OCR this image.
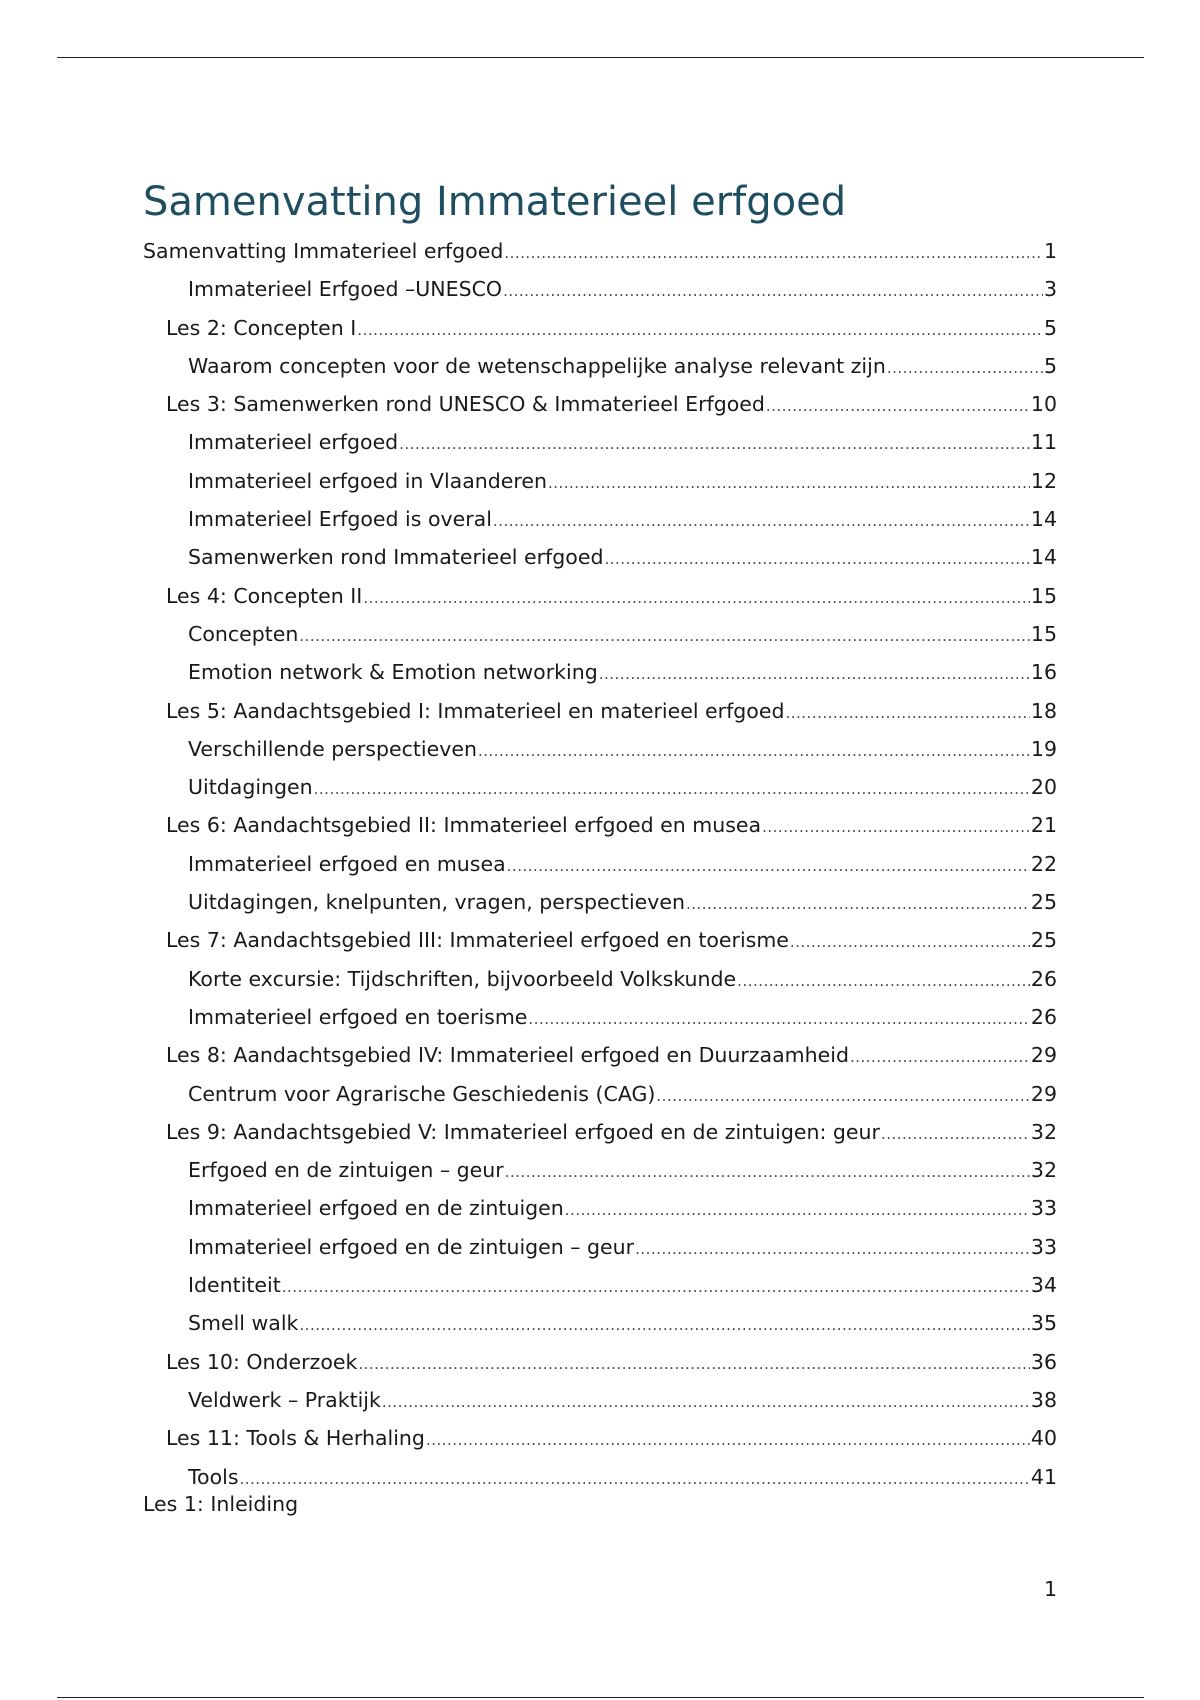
Samenvatting Immaterieel erfgoed
Samenvatting Immaterieel erfgoed .....	1
Immaterieel Erfgoed –UNESCO .....	3
Les 2: Concepten I .....	5
Waarom concepten voor de wetenschappelijke analyse relevant zijn .....	5
Les 3: Samenwerken rond UNESCO & Immaterieel Erfgoed .....	10
Immaterieel erfgoed .....	11
Immaterieel erfgoed in Vlaanderen .....	12
Immaterieel Erfgoed is overal .....	14
Samenwerken rond Immaterieel erfgoed .....	14
Les 4: Concepten II .....	15
Concepten .....	15
Emotion network & Emotion networking .....	16
Les 5: Aandachtsgebied I: Immaterieel en materieel erfgoed .....	18
Verschillende perspectieven .....	19
Uitdagingen .....	20
Les 6: Aandachtsgebied II: Immaterieel erfgoed en musea .....	21
Immaterieel erfgoed en musea .....	22
Uitdagingen, knelpunten, vragen, perspectieven .....	25
Les 7: Aandachtsgebied III: Immaterieel erfgoed en toerisme .....	25
Korte excursie: Tijdschriften, bijvoorbeeld Volkskunde .....	26
Immaterieel erfgoed en toerisme .....	26
Les 8: Aandachtsgebied IV: Immaterieel erfgoed en Duurzaamheid .....	29
Centrum voor Agrarische Geschiedenis (CAG) .....	29
Les 9: Aandachtsgebied V: Immaterieel erfgoed en de zintuigen: geur .....	32
Erfgoed en de zintuigen – geur .....	32
Immaterieel erfgoed en de zintuigen .....	33
Immaterieel erfgoed en de zintuigen – geur .....	33
Identiteit .....	34
Smell walk .....	35
Les 10: Onderzoek .....	36
Veldwerk – Praktijk .....	38
Les 11: Tools & Herhaling .....	40
Tools .....	41

Les 1: Inleiding

1
